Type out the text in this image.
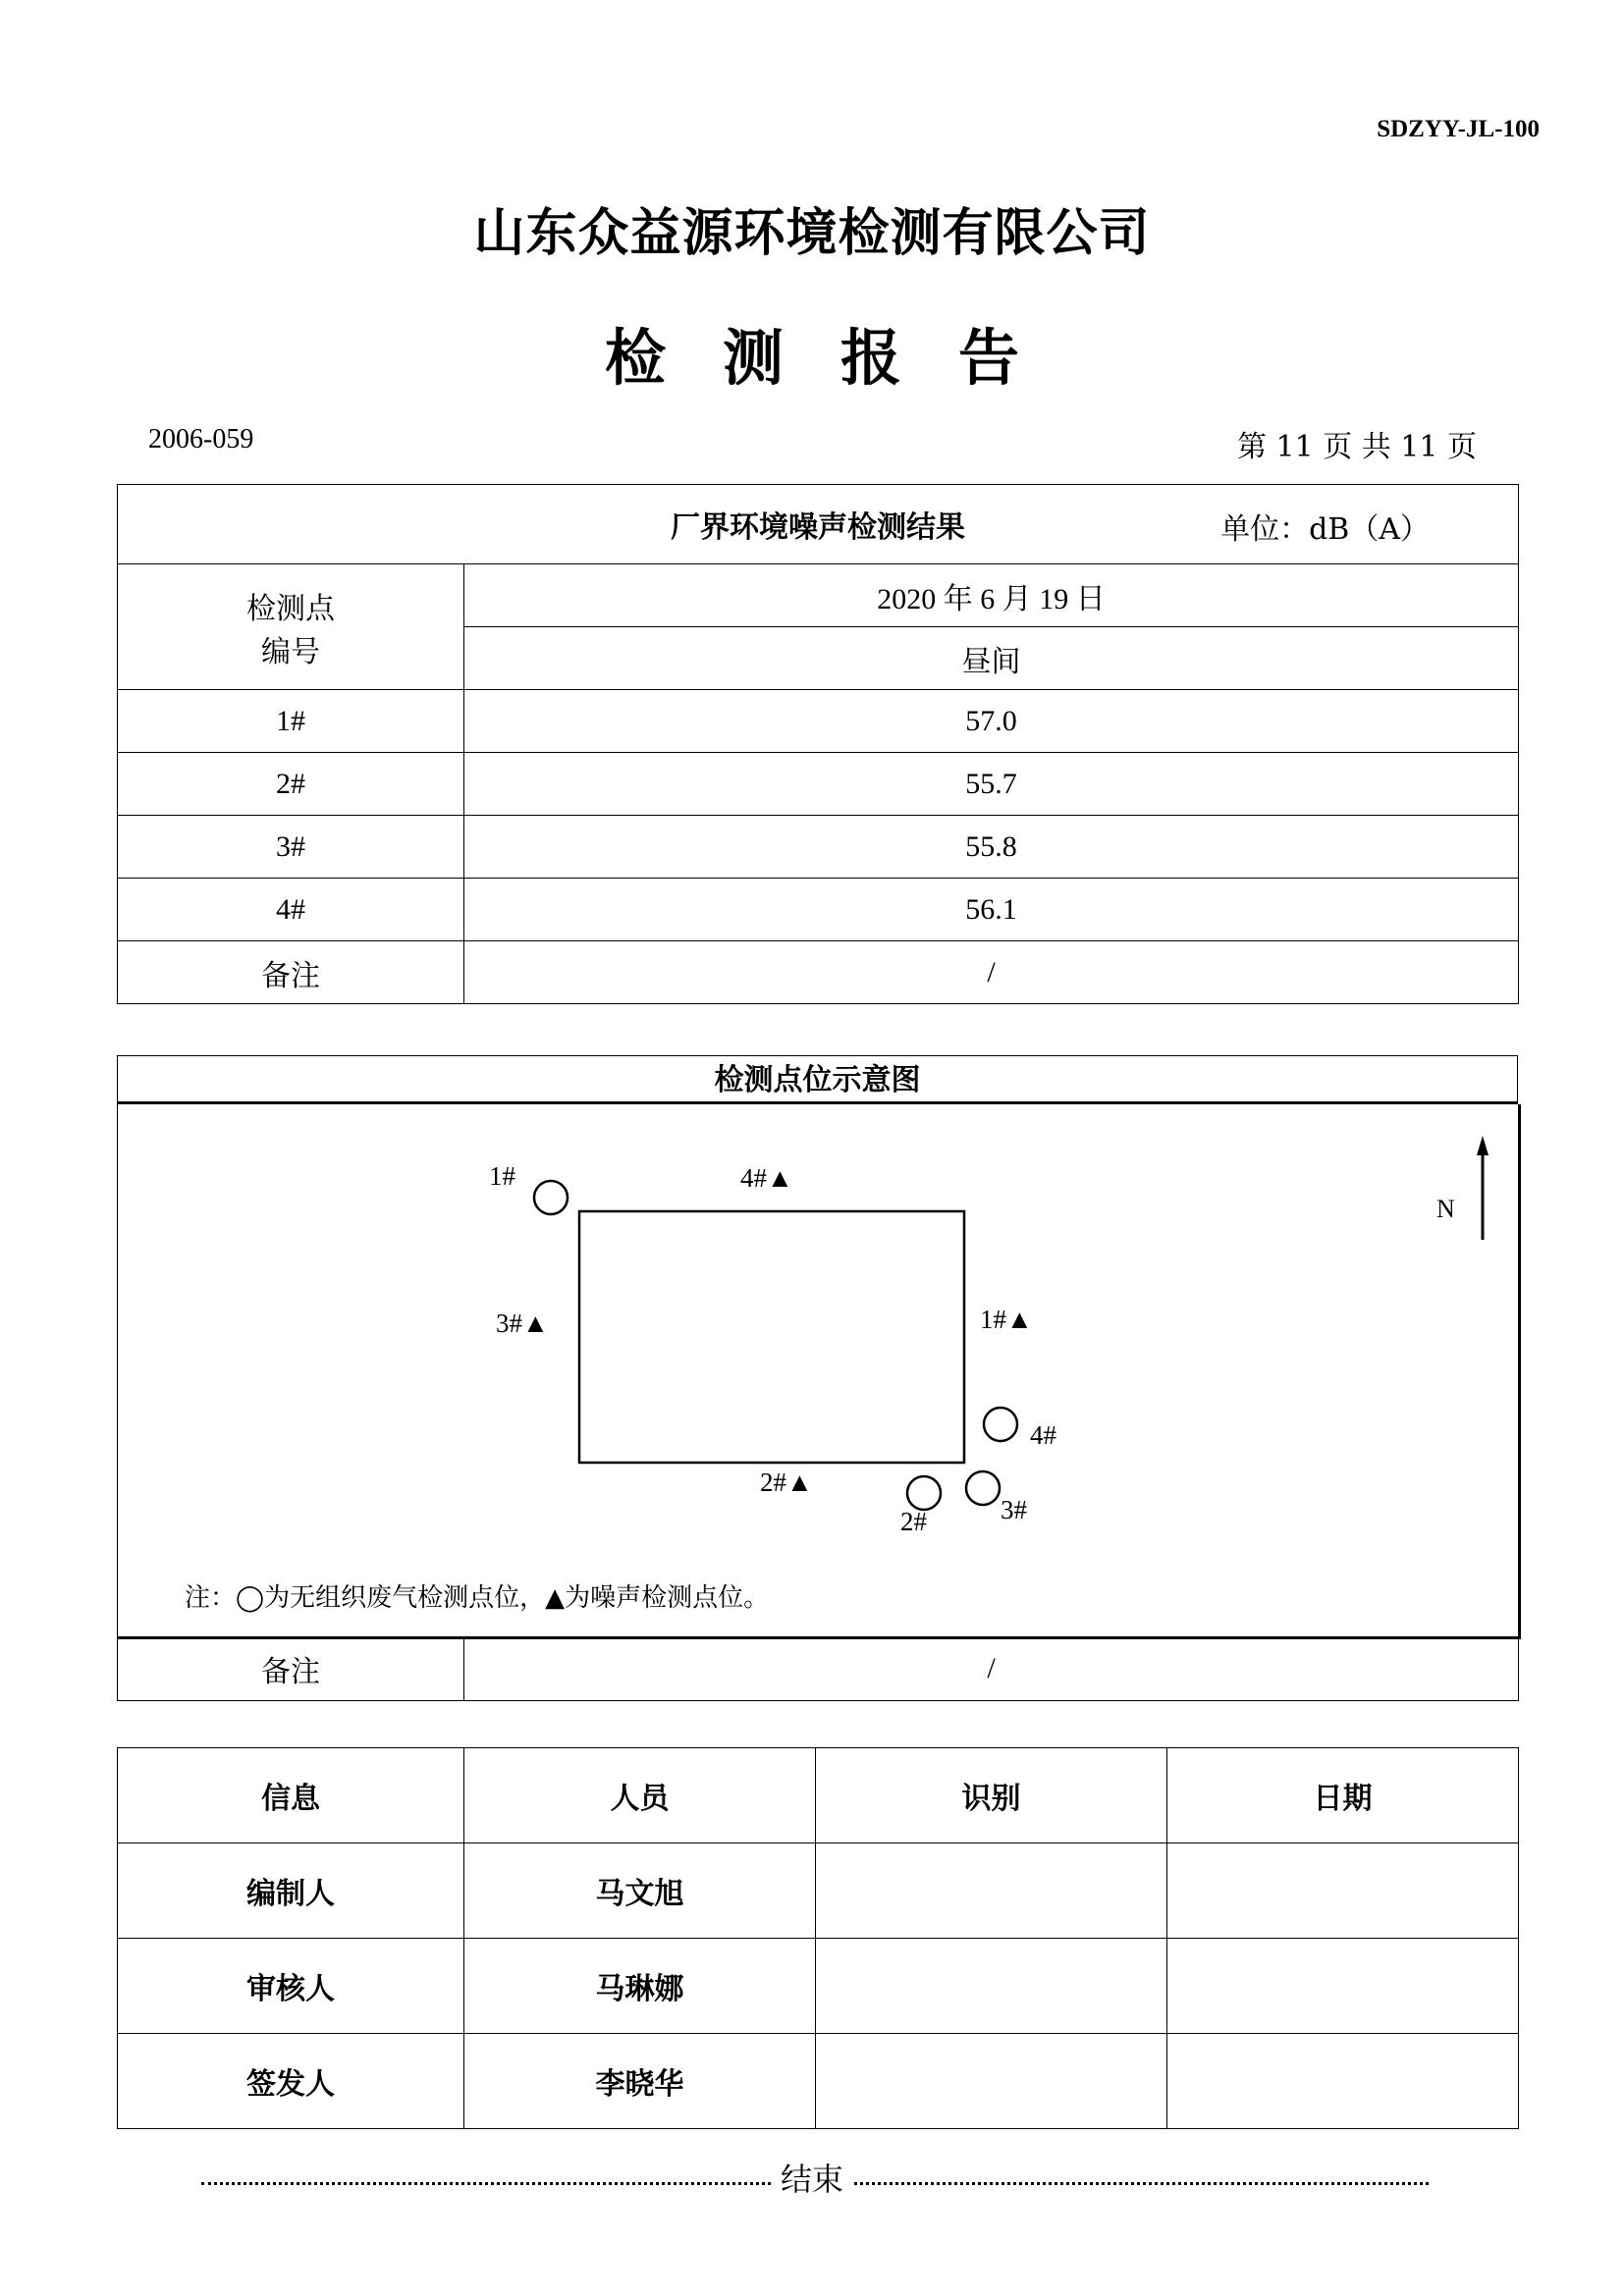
SDZYY-JL-100
山东众益源环境检测有限公司
检测报告
2006-059	第 11 页 共 11 页
厂界环境噪声检测结果 单位：dB（A）	

检测点
编号	2020 年 6 月 19 日
	昼间
1#	57.0
2#	55.7
3#	55.8
4#	56.1
备注	/
检测点位示意图
1#
4#
2#	3#
4#▲
3#▲	1#▲
2#▲
N
注：◯为无组织废气检测点位，▲为噪声检测点位。
备注	/
信息	人员	识别	日期
编制人	马文旭		
审核人	马琳娜		
签发人	李晓华		
结束
